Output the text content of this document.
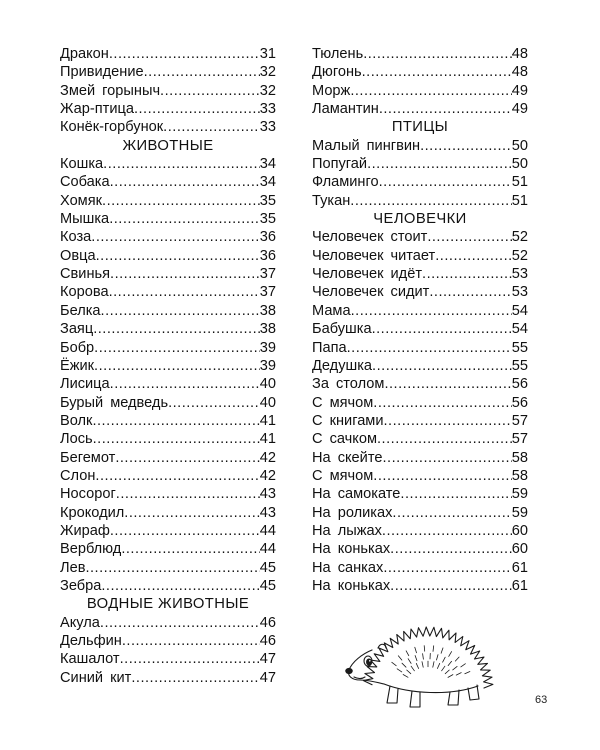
Дракон .....	31
Привидение .....	32
Змей горыныч .....	32
Жар-птица .....	33
Конёк-горбунок .....	33
ЖИВОТНЫЕ
Кошка .....	34
Собака .....	34
Хомяк .....	35
Мышка .....	35
Коза .....	36
Овца .....	36
Свинья .....	37
Корова .....	37
Белка .....	38
Заяц .....	38
Бобр .....	39
Ёжик .....	39
Лисица .....	40
Бурый медведь .....	40
Волк .....	41
Лось .....	41
Бегемот .....	42
Слон .....	42
Носорог .....	43
Крокодил .....	43
Жираф .....	44
Верблюд .....	44
Лев .....	45
Зебра .....	45
ВОДНЫЕ ЖИВОТНЫЕ
Акула .....	46
Дельфин .....	46
Кашалот .....	47
Синий кит .....	47
Тюлень .....	48
Дюгонь .....	48
Морж .....	49
Ламантин .....	49
ПТИЦЫ
Малый пингвин .....	50
Попугай .....	50
Фламинго .....	51
Тукан .....	51
ЧЕЛОВЕЧКИ
Человечек стоит .....	52
Человечек читает .....	52
Человечек идёт .....	53
Человечек сидит .....	53
Мама .....	54
Бабушка .....	54
Папа .....	55
Дедушка .....	55
За столом .....	56
С мячом .....	56
С книгами .....	57
С сачком .....	57
На скейте .....	58
С мячом .....	58
На самокате .....	59
На роликах .....	59
На лыжах .....	60
На коньках .....	60
На санках .....	61
На коньках .....	61
63
